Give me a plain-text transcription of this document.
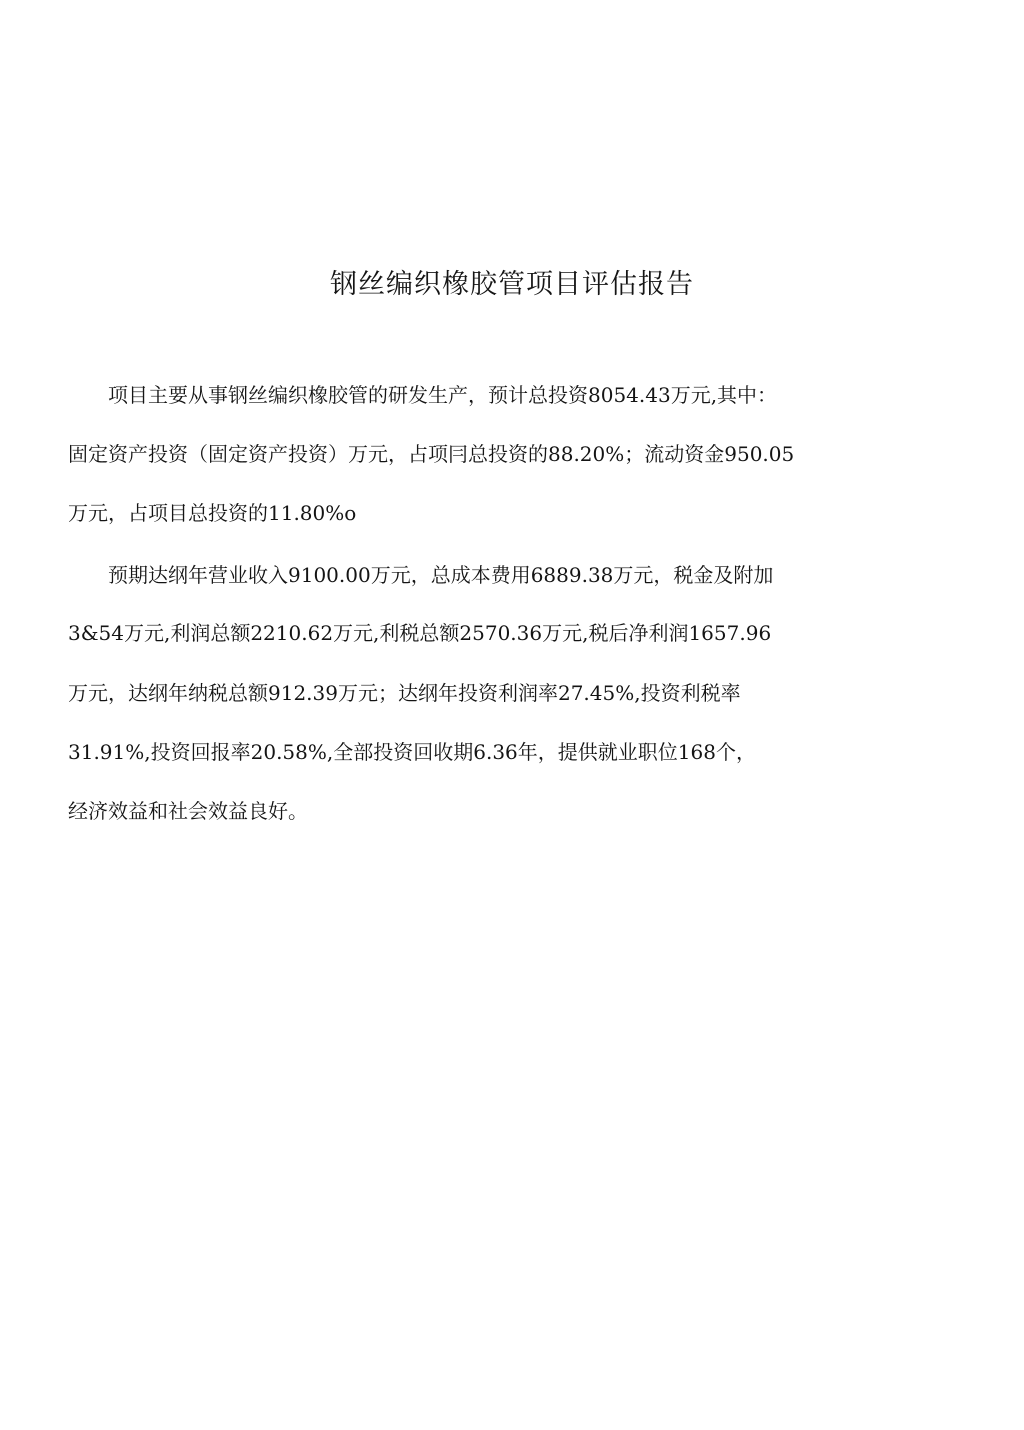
钢丝编织橡胶管项目评估报告
　　项目主要从事钢丝编织橡胶管的研发生产，预计总投资8054.43万元,其中：
固定资产投资（固定资产投资）万元，占项冃总投资的88.20%；流动资金950.05
万元，占项目总投资的11.80%o
　　预期达纲年营业收入9100.00万元，总成本费用6889.38万元，税金及附加
3&54万元,利润总额2210.62万元,利税总额2570.36万元,税后净利润1657.96
万元，达纲年纳税总额912.39万元；达纲年投资利润率27.45%,投资利税率
31.91%,投资回报率20.58%,全部投资回收期6.36年，提供就业职位168个，
经济效益和社会效益良好。
